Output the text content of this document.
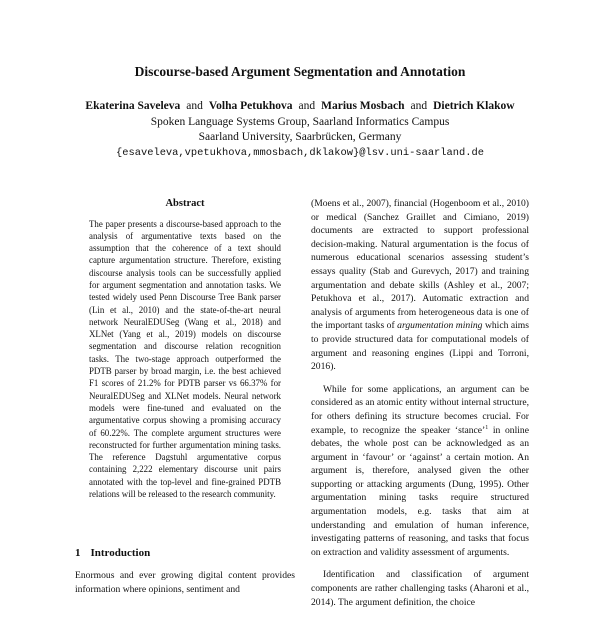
Discourse-based Argument Segmentation and Annotation
Ekaterina Saveleva and Volha Petukhova and Marius Mosbach and Dietrich Klakow
Spoken Language Systems Group, Saarland Informatics Campus
Saarland University, Saarbrücken, Germany
{esaveleva,vpetukhova,mmosbach,dklakow}@lsv.uni-saarland.de
Abstract
The paper presents a discourse-based approach to the analysis of argumentative texts based on the assumption that the coherence of a text should capture argumentation structure. Therefore, existing discourse analysis tools can be successfully applied for argument segmentation and annotation tasks. We tested widely used Penn Discourse Tree Bank parser (Lin et al., 2010) and the state-of-the-art neural network NeuralEDUSeg (Wang et al., 2018) and XLNet (Yang et al., 2019) models on discourse segmentation and discourse relation recognition tasks. The two-stage approach outperformed the PDTB parser by broad margin, i.e. the best achieved F1 scores of 21.2% for PDTB parser vs 66.37% for NeuralEDUSeg and XLNet models. Neural network models were fine-tuned and evaluated on the argumentative corpus showing a promising accuracy of 60.22%. The complete argument structures were reconstructed for further argumentation mining tasks. The reference Dagstuhl argumentative corpus containing 2,222 elementary discourse unit pairs annotated with the top-level and fine-grained PDTB relations will be released to the research community.
1 Introduction
Enormous and ever growing digital content provides information where opinions, sentiment and

(Moens et al., 2007), financial (Hogenboom et al., 2010) or medical (Sanchez Graillet and Cimiano, 2019) documents are extracted to support professional decision-making. Natural argumentation is the focus of numerous educational scenarios assessing student’s essays quality (Stab and Gurevych, 2017) and training argumentation and debate skills (Ashley et al., 2007; Petukhova et al., 2017). Automatic extraction and analysis of arguments from heterogeneous data is one of the important tasks of argumentation mining which aims to provide structured data for computational models of argument and reasoning engines (Lippi and Torroni, 2016).

While for some applications, an argument can be considered as an atomic entity without internal structure, for others defining its structure becomes crucial. For example, to recognize the speaker ‘stance’$^1$ in online debates, the whole post can be acknowledged as an argument in ‘favour’ or ‘against’ a certain motion. An argument is, therefore, analysed given the other supporting or attacking arguments (Dung, 1995). Other argumentation mining tasks require structured argumentation models, e.g. tasks that aim at understanding and emulation of human inference, investigating patterns of reasoning, and tasks that focus on extraction and validity assessment of arguments.

Identification and classification of argument components are rather challenging tasks (Aharoni et al., 2014). The argument definition, the choice
